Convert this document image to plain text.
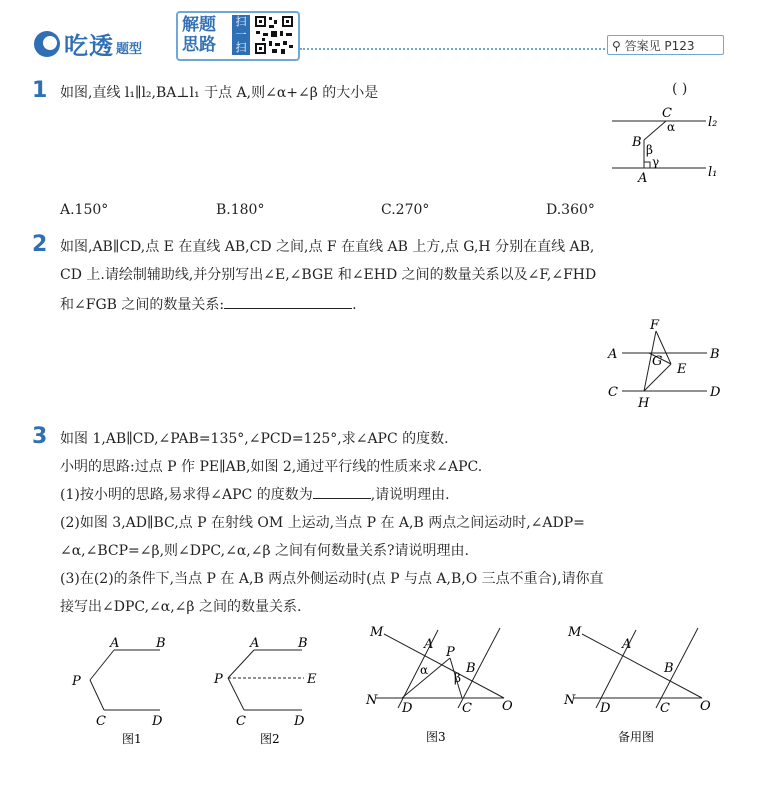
吃透 题型
解题
思路
扫一扫	⚲ 答案见 P123
1 如图,直线 l₁∥l₂,BA⊥l₁ 于点 A,则∠α+∠β 的大小是	( )
C
α	l₂
B β
γ
A	l₁
A.150°	B.180°	C.270°	D.360°
2 如图,AB∥CD,点 E 在直线 AB,CD 之间,点 F 在直线 AB 上方,点 G,H 分别在直线 AB,
CD 上.请绘制辅助线,并分别写出∠E,∠BGE 和∠EHD 之间的数量关系以及∠F,∠FHD
和∠FGB 之间的数量关系:	.
F
A	G	B
E
C
H
D
3 如图 1,AB∥CD,∠PAB=135°,∠PCD=125°,求∠APC 的度数.
小明的思路:过点 P 作 PE∥AB,如图 2,通过平行线的性质来求∠APC.
(1)按小明的思路,易求得∠APC 的度数为	,请说明理由.
(2)如图 3,AD∥BC,点 P 在射线 OM 上运动,当点 P 在 A,B 两点之间运动时,∠ADP=
∠α,∠BCP=∠β,则∠DPC,∠α,∠β 之间有何数量关系?请说明理由.
(3)在(2)的条件下,当点 P 在 A,B 两点外侧运动时(点 P 与点 A,B,O 三点不重合),请你直
接写出∠DPC,∠α,∠β 之间的数量关系.
A	B
P
C	D
图1
A	B
P	E
C	D
图2
M
A
P
α	B
β
N
D	C O
图3
M
A
B
N
D	C O
备用图
